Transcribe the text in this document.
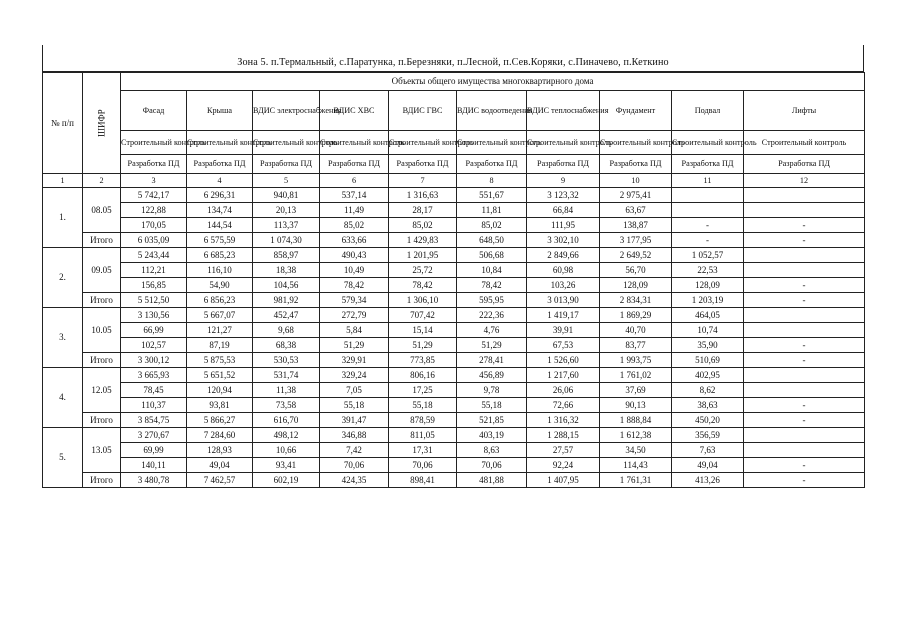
Зона 5. п.Термальный, с.Паратунка, п.Березняки, п.Лесной, п.Сев.Коряки, с.Пиначево, п.Кеткино
№ п/п	ШИФР	Объекты общего имущества многоквартирного дома									
		Фасад	Крыша	ВДИС электроснабжения	ВДИС ХВС	ВДИС ГВС	ВДИС водоотведения	ВДИС теплоснабжения	Фундамент	Подвал	Лифты
		Строительный контроль	Строительный контроль	Строительный контроль	Строительный контроль	Строительный контроль	Строительный контроль	Строительный контроль	Строительный контроль	Строительный контроль	Строительный контроль
		Разработка ПД	Разработка ПД	Разработка ПД	Разработка ПД	Разработка ПД	Разработка ПД	Разработка ПД	Разработка ПД	Разработка ПД	Разработка ПД
1	2	3	4	5	6	7	8	9	10	11	12
1.	08.05	5 742,17	6 296,31	940,81	537,14	1 316,63	551,67	3 123,32	2 975,41		
		122,88	134,74	20,13	11,49	28,17	11,81	66,84	63,67		
		170,05	144,54	113,37	85,02	85,02	85,02	111,95	138,87	-	-
	Итого	6 035,09	6 575,59	1 074,30	633,66	1 429,83	648,50	3 302,10	3 177,95	-	-
2.	09.05	5 243,44	6 685,23	858,97	490,43	1 201,95	506,68	2 849,66	2 649,52	1 052,57	
		112,21	116,10	18,38	10,49	25,72	10,84	60,98	56,70	22,53	
		156,85	54,90	104,56	78,42	78,42	78,42	103,26	128,09	128,09	-
	Итого	5 512,50	6 856,23	981,92	579,34	1 306,10	595,95	3 013,90	2 834,31	1 203,19	-
3.	10.05	3 130,56	5 667,07	452,47	272,79	707,42	222,36	1 419,17	1 869,29	464,05	
		66,99	121,27	9,68	5,84	15,14	4,76	39,91	40,70	10,74	
		102,57	87,19	68,38	51,29	51,29	51,29	67,53	83,77	35,90	-
	Итого	3 300,12	5 875,53	530,53	329,91	773,85	278,41	1 526,60	1 993,75	510,69	-
4.	12.05	3 665,93	5 651,52	531,74	329,24	806,16	456,89	1 217,60	1 761,02	402,95	
		78,45	120,94	11,38	7,05	17,25	9,78	26,06	37,69	8,62	
		110,37	93,81	73,58	55,18	55,18	55,18	72,66	90,13	38,63	-
	Итого	3 854,75	5 866,27	616,70	391,47	878,59	521,85	1 316,32	1 888,84	450,20	-
5.	13.05	3 270,67	7 284,60	498,12	346,88	811,05	403,19	1 288,15	1 612,38	356,59	
		69,99	128,93	10,66	7,42	17,31	8,63	27,57	34,50	7,63	
		140,11	49,04	93,41	70,06	70,06	70,06	92,24	114,43	49,04	-
	Итого	3 480,78	7 462,57	602,19	424,35	898,41	481,88	1 407,95	1 761,31	413,26	-
